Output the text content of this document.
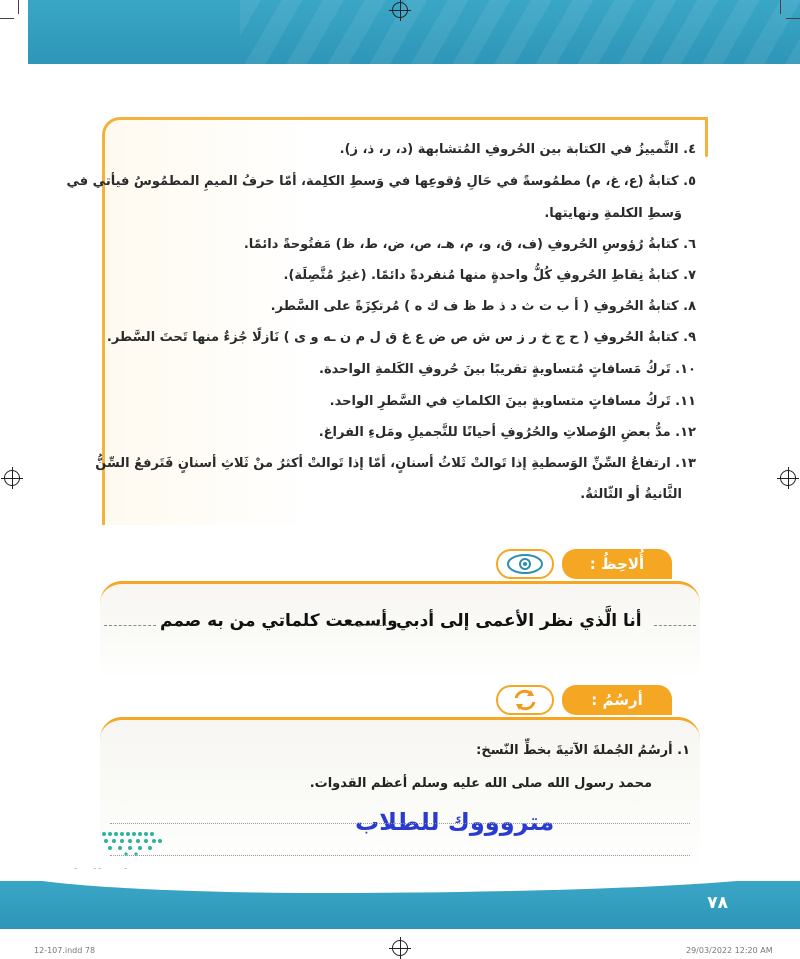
٤. التَّمييزُ في الكتابة بين الحُروفِ المُتشابهة (د، ر، ذ، ز).
٥. كتابةُ (ع، غ، م) مطمُوسةً في حَالِ وُقوعِها في وَسطِ الكلِمة، أمّا حرفُ الميمِ المطمُوسُ فيأتي في
وَسطِ الكلمةِ ونهايتها.
٦. كتابةُ رُؤوسِ الحُروفِ (ف، ق، و، م، هـ، ص، ض، ط، ظ) مَفتُوحةً دائمًا.
٧. كتابةُ نِقاطِ الحُروفِ كُلُّ واحدةٍ منها مُنفردةً دائمًا. (غيرُ مُتَّصِلَة).
٨. كتابةُ الحُروفِ ( أ ب ت ث د ذ ط ظ ف ك ه ) مُرتكِزَةً على السَّطر.
٩. كتابةُ الحُروفِ ( ح ج خ ر ز س ش ص ض ع غ ق ل م ن ـه و ى ) نَازلًا جُزءٌ منها تَحتَ السَّطر.
١٠. تَركُ مَسافاتٍ مُتساويةٍ تقريبًا بينَ حُروفِ الكَلمةِ الواحدة.
١١. تَركُ مسافاتٍ متساويةٍ بينَ الكلماتِ في السَّطرِ الواحد.
١٢. مدُّ بعضِ الوُصلاتِ والحُرُوفِ أحيانًا للتَّجميلِ ومَلءِ الفراغ.
١٣. ارتفاعُ السِّنِّ الوَسطيةِ إذا تَوالتْ ثَلاثُ أسنانٍ، أمّا إذا تَوالتْ أكثرُ منْ ثَلاثِ أسنانٍ فَتَرفعُ السِّنُّ
الثَّانيةُ أو الثّالثةُ.
أُلاحِظُ :
وأسمعت كلماتي من به صمم
أنا الَّذي نظر الأعمى إلى أدبي
أرسُمُ :
١. أرسُمُ الجُملةَ الآتيةَ بخطِّ النّسخ:
محمد رسول الله صلى الله عليه وسلم أعظم القدوات.
متروووك للطلاب
٧٨
12-107.indd 78	29/03/2022 12:20 AM
